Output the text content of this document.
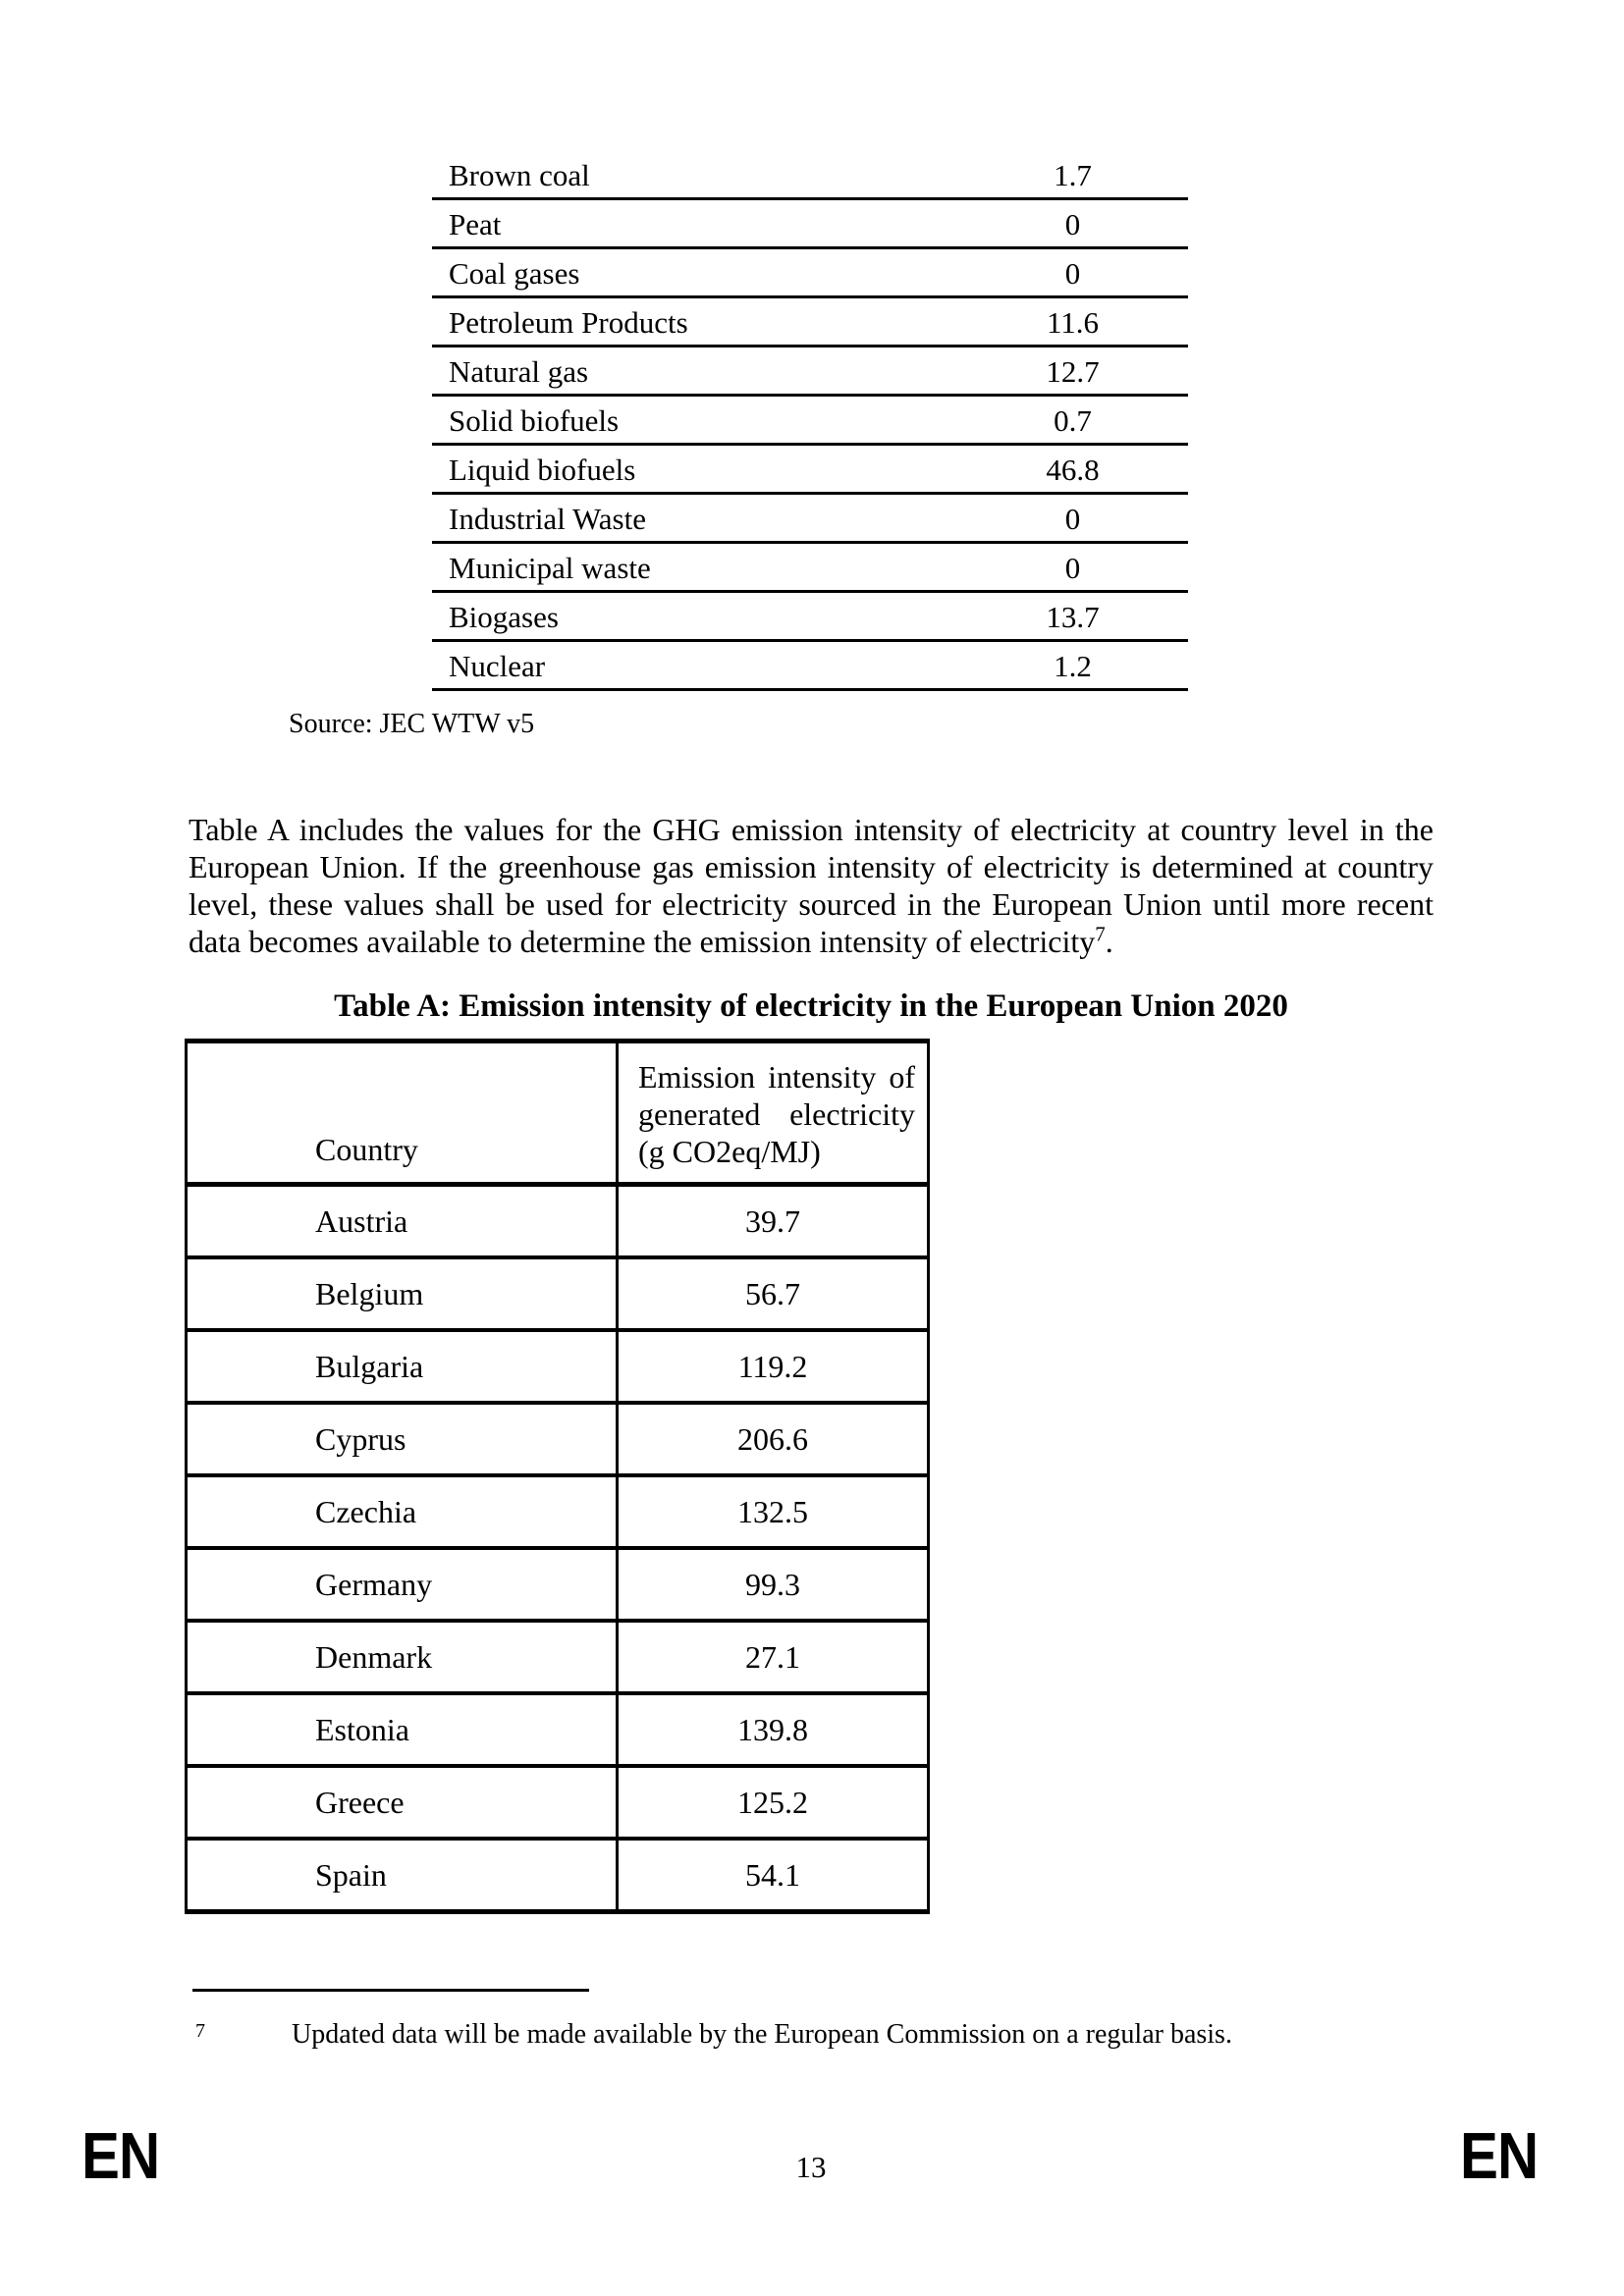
Brown coal	1.7
Peat	0
Coal gases	0
Petroleum Products	11.6
Natural gas	12.7
Solid biofuels	0.7
Liquid biofuels	46.8
Industrial Waste	0
Municipal waste	0
Biogases	13.7
Nuclear	1.2
Source: JEC WTW v5
Table A includes the values for the GHG emission intensity of electricity at country level in the
European Union. If the greenhouse gas emission intensity of electricity is determined at country
level, these values shall be used for electricity sourced in the European Union until more recent
data becomes available to determine the emission intensity of electricity$^7$.
Table A: Emission intensity of electricity in the European Union 2020
Country
Emission intensity of
generated electricity
(g CO2eq/MJ)
Austria	39.7
Belgium	56.7
Bulgaria	119.2
Cyprus	206.6
Czechia	132.5
Germany	99.3
Denmark	27.1
Estonia	139.8
Greece	125.2
Spain	54.1
7	Updated data will be made available by the European Commission on a regular basis.
13
EN	EN
